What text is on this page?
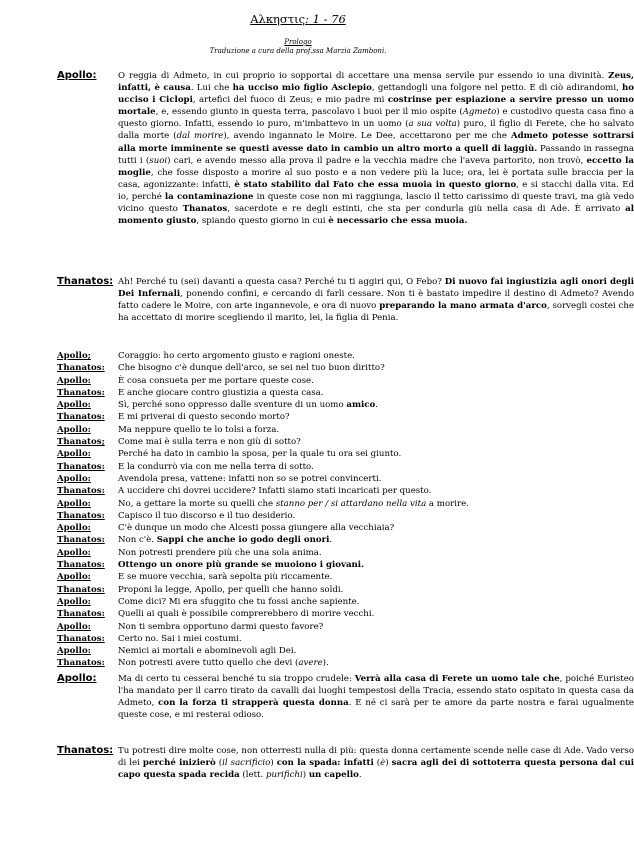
Αλκηστις: 1 - 76
Prologo
Traduzione a cura della prof.ssa Marzia Zamboni.
Apollo:	O reggia di Admeto, in cui proprio io sopportai di accettare una mensa servile pur essendo io una divinità. Zeus, infatti, è causa. Lui che ha ucciso mio figlio Asclepio, gettandogli una folgore nel petto. E di ciò adirandomi, ho ucciso i Ciclopi, artefici del fuoco di Zeus; e mio padre mi costrinse per espiazione a servire presso un uomo mortale, e, essendo giunto in questa terra, pascolavo i buoi per il mio ospite (Agmeto) e custodivo questa casa fino a questo giorno. Infatti, essendo io puro, m'imbattevo in un uomo (a sua volta) puro, il figlio di Ferete, che ho salvato dalla morte (dal morire), avendo ingannato le Moire. Le Dee, accettarono per me che Admeto potesse sottrarsi alla morte imminente se questi avesse dato in cambio un altro morto a quell di laggiù. Passando in rassegna tutti i (suoi) cari, e avendo messo alla prova il padre e la vecchia madre che l'aveva partorito, non trovò, eccetto la moglie, che fosse disposto a morire al suo posto e a non vedere più la luce; ora, lei è portata sulle braccia per la casa, agonizzante: infatti, è stato stabilito dal Fato che essa muoia in questo giorno, e si stacchi dalla vita. Ed io, perché la contaminazione in queste cose non mi raggiunga, lascio il tetto carissimo di queste travi, ma già vedo vicino questo Thanatos, sacerdote e re degli estinti, che sta per condurla giù nella casa di Ade. È arrivato al momento giusto, spiando questo giorno in cui è necessario che essa muoia.
Thanatos: Ah! Perché tu (sei) davanti a questa casa? Perché tu ti aggiri qui, O Febo? Di nuovo fai ingiustizia agli onori degli Dei Infernali, ponendo confini, e cercando di farli cessare. Non ti è bastato impedire il destino di Admeto? Avendo fatto cadere le Moire, con arte ingannevole, e ora di nuovo preparando la mano armata d'arco, sorvegli costei che ha accettato di morire scegliendo il marito, lei, la figlia di Penia.
Apollo;	Coraggio: ho certo argomento giusto e ragioni oneste.
Thanatos: Che bisogno c'è dunque dell'arco, se sei nel tuo buon diritto?
Apollo:	È cosa consueta per me portare queste cose.
Thanatos: E anche giocare contro giustizia a questa casa.
Apollo:	Sì, perché sono oppresso dalle sventure di un uomo amico.
Thanatos: E mi priverai di questo secondo morto?
Apollo:	Ma neppure quello te lo tolsi a forza.
Thanatos; Come mai è sulla terra e non giù di sotto?
Apollo:	Perché ha dato in cambio la sposa, per la quale tu ora sei giunto.
Thanatos: E la condurrò via con me nella terra di sotto.
Apollo:	Avendola presa, vattene: infatti non so se potrei convincerti.
Thanatos: A uccidere chi dovrei uccidere? Infatti siamo stati incaricati per questo.
Apollo:	No, a gettare la morte su quelli che stanno per / si attardano nella vita a morire.
Thanatos: Capisco il tuo discorso e il tuo desiderio.
Apollo:	C'è dunque un modo che Alcesti possa giungere alla vecchiaia?
Thanatos: Non c'è. Sappi che anche io godo degli onori.
Apollo:	Non potresti prendere più che una sola anima.
Thanatos: Ottengo un onore più grande se muoiono i giovani.
Apollo:	E se muore vecchia, sarà sepolta più riccamente.
Thanatos: Proponi la legge, Apollo, per quelli che hanno soldi.
Apollo:	Come dici? Mi era sfuggito che tu fossi anche sapiente.
Thanatos: Quelli ai quali è possibile comprerebbero di morire vecchi.
Apollo:	Non ti sembra opportuno darmi questo favore?
Thanatos: Certo no. Sai i miei costumi.
Apollo:	Nemici ai mortali e abominevoli agli Dei.
Thanatos: Non potresti avere tutto quello che devi (avere).
Apollo:	Ma di certo tu cesserai benché tu sia troppo crudele: Verrà alla casa di Ferete un uomo tale che, poiché Euristeo l'ha mandato per il carro tirato da cavalli dai luoghi tempestosi della Tracia, essendo stato ospitato in questa casa da Admeto, con la forza ti strapperà questa donna. E né ci sarà per te amore da parte nostra e farai ugualmente queste cose, e mi resterai odioso.
Thanatos: Tu potresti dire molte cose, non otterresti nulla di più: questa donna certamente scende nelle case di Ade. Vado verso di lei perché inizierò (il sacrificio) con la spada: infatti (è) sacra agli dei di sottoterra questa persona dal cui capo questa spada recida (lett. purifichi) un capello.
